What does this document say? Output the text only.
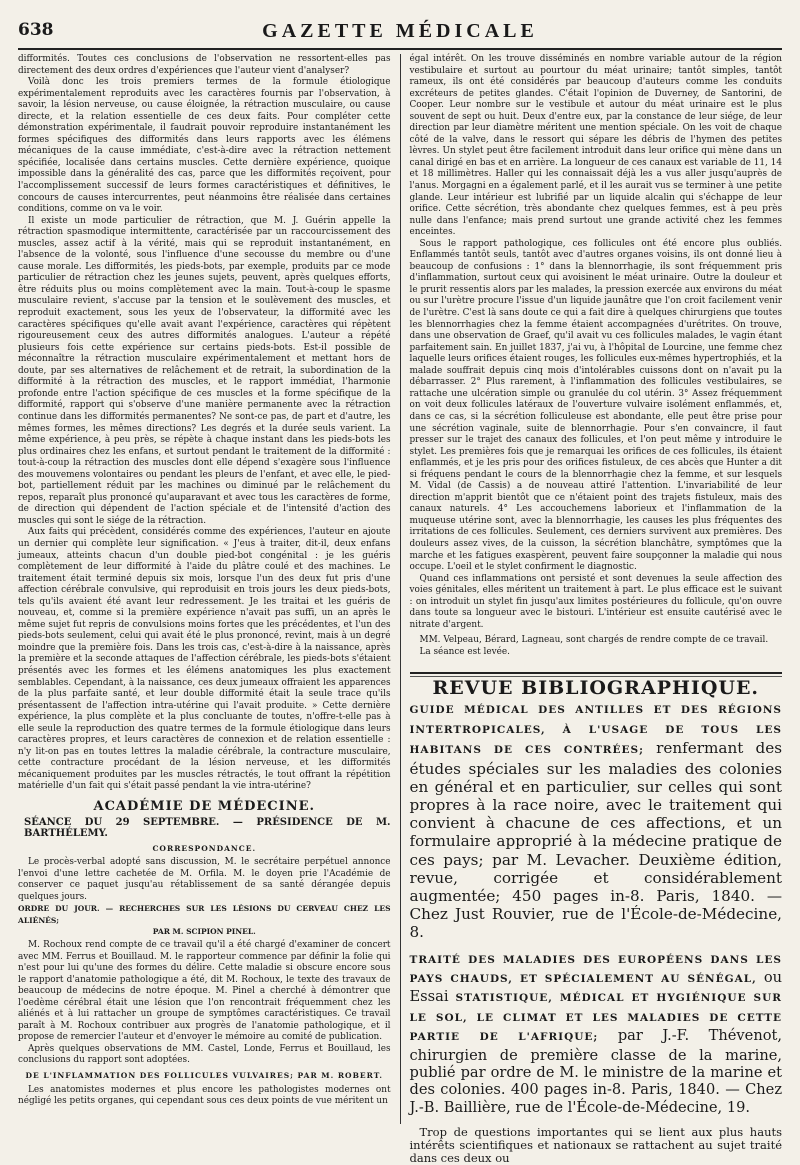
638	GAZETTE MÉDICALE

difformités. Toutes ces conclusions de l'observation ne ressortent-elles pas directement des deux ordres d'expériences que l'auteur vient d'analyser?

Voilà donc les trois premiers termes de la formule étiologique expérimentalement reproduits avec les caractères fournis par l'observation, à savoir, la lésion nerveuse, ou cause éloignée, la rétraction musculaire, ou cause directe, et la relation essentielle de ces deux faits. Pour compléter cette démonstration expérimentale, il faudrait pouvoir reproduire instantanément les formes spécifiques des difformités dans leurs rapports avec les élémens mécaniques de la cause immédiate, c'est-à-dire avec la rétraction nettement spécifiée, localisée dans certains muscles. Cette dernière expérience, quoique impossible dans la généralité des cas, parce que les difformités reçoivent, pour l'accomplissement successif de leurs formes caractéristiques et définitives, le concours de causes intercurrentes, peut néanmoins être réalisée dans certaines conditions, comme on va le voir.

Il existe un mode particulier de rétraction, que M. J. Guérin appelle la rétraction spasmodique intermittente, caractérisée par un raccourcissement des muscles, assez actif à la vérité, mais qui se reproduit instantanément, en l'absence de la volonté, sous l'influence d'une secousse du membre ou d'une cause morale. Les difformités, les pieds-bots, par exemple, produits par ce mode particulier de rétraction chez les jeunes sujets, peuvent, après quelques efforts, être réduits plus ou moins complètement avec la main. Tout-à-coup le spasme musculaire revient, s'accuse par la tension et le soulèvement des muscles, et reproduit exactement, sous les yeux de l'observateur, la difformité avec les caractères spécifiques qu'elle avait avant l'expérience, caractères qui répètent rigoureusement ceux des autres difformités analogues. L'auteur a répété plusieurs fois cette expérience sur certains pieds-bots. Est-il possible de méconnaître la rétraction musculaire expérimentalement et mettant hors de doute, par ses alternatives de relâchement et de retrait, la subordination de la difformité à la rétraction des muscles, et le rapport immédiat, l'harmonie profonde entre l'action spécifique de ces muscles et la forme spécifique de la difformité, rapport qui s'observe d'une manière permanente avec la rétraction continue dans les difformités permanentes? Ne sont-ce pas, de part et d'autre, les mêmes formes, les mêmes directions? Les degrés et la durée seuls varient. La même expérience, à peu près, se répète à chaque instant dans les pieds-bots les plus ordinaires chez les enfans, et surtout pendant le traitement de la difformité : tout-à-coup la rétraction des muscles dont elle dépend s'exagère sous l'influence des mouvemens volontaires ou pendant les pleurs de l'enfant, et avec elle, le pied-bot, partiellement réduit par les machines ou diminué par le relâchement du repos, reparaît plus prononcé qu'auparavant et avec tous les caractères de forme, de direction qui dépendent de l'action spéciale et de l'intensité d'action des muscles qui sont le siége de la rétraction.

Aux faits qui précèdent, considérés comme des expériences, l'auteur en ajoute un dernier qui complète leur signification. « J'eus à traiter, dit-il, deux enfans jumeaux, atteints chacun d'un double pied-bot congénital : je les guéris complètement de leur difformité à l'aide du plâtre coulé et des machines. Le traitement était terminé depuis six mois, lorsque l'un des deux fut pris d'une affection cérébrale convulsive, qui reproduisit en trois jours les deux pieds-bots, tels qu'ils avaient été avant leur redressement. Je les traitai et les guéris de nouveau, et, comme si la première expérience n'avait pas suffi, un an après le même sujet fut repris de convulsions moins fortes que les précédentes, et l'un des pieds-bots seulement, celui qui avait été le plus prononcé, revint, mais à un degré moindre que la première fois. Dans les trois cas, c'est-à-dire à la naissance, après la première et la seconde attaques de l'affection cérébrale, les pieds-bots s'étaient présentés avec les formes et les élémens anatomiques les plus exactement semblables. Cependant, à la naissance, ces deux jumeaux offraient les apparences de la plus parfaite santé, et leur double difformité était la seule trace qu'ils présentassent de l'affection intra-utérine qui l'avait produite. » Cette dernière expérience, la plus complète et la plus concluante de toutes, n'offre-t-elle pas à elle seule la reproduction des quatre termes de la formule étiologique dans leurs caractères propres, et leurs caractères de connexion et de relation essentielle : n'y lit-on pas en toutes lettres la maladie cérébrale, la contracture musculaire, cette contracture procédant de la lésion nerveuse, et les difformités mécaniquement produites par les muscles rétractés, le tout offrant la répétition matérielle d'un fait qui s'était passé pendant la vie intra-utérine?

ACADÉMIE DE MÉDECINE.
SÉANCE DU 29 SEPTEMBRE. — PRÉSIDENCE DE M. BARTHÉLEMY.
CORRESPONDANCE.

Le procès-verbal adopté sans discussion, M. le secrétaire perpétuel annonce l'envoi d'une lettre cachetée de M. Orfila. M. le doyen prie l'Académie de conserver ce paquet jusqu'au rétablissement de sa santé dérangée depuis quelques jours.

ORDRE DU JOUR. — RECHERCHES SUR LES LÉSIONS DU CERVEAU CHEZ LES ALIÉNÉS;

PAR M. SCIPION PINEL.

M. Rochoux rend compte de ce travail qu'il a été chargé d'examiner de concert avec MM. Ferrus et Bouillaud. M. le rapporteur commence par définir la folie qui n'est pour lui qu'une des formes du délire. Cette maladie si obscure encore sous le rapport d'anatomie pathologique a été, dit M. Rochoux, le texte des travaux de beaucoup de médecins de notre époque. M. Pinel a cherché à démontrer que l'oedème cérébral était une lésion que l'on rencontrait fréquemment chez les aliénés et à lui rattacher un groupe de symptômes caractéristiques. Ce travail paraît à M. Rochoux contribuer aux progrès de l'anatomie pathologique, et il propose de remercier l'auteur et d'envoyer le mémoire au comité de publication.

Après quelques observations de MM. Castel, Londe, Ferrus et Bouillaud, les conclusions du rapport sont adoptées.

DE L'INFLAMMATION DES FOLLICULES VULVAIRES; PAR M. ROBERT.

Les anatomistes modernes et plus encore les pathologistes modernes ont négligé les petits organes, qui cependant sous ces deux points de vue méritent un

égal intérêt. On les trouve disséminés en nombre variable autour de la région vestibulaire et surtout au pourtour du méat urinaire; tantôt simples, tantôt rameux, ils ont été considérés par beaucoup d'auteurs comme les conduits excréteurs de petites glandes. C'était l'opinion de Duverney, de Santorini, de Cooper. Leur nombre sur le vestibule et autour du méat urinaire est le plus souvent de sept ou huit. Deux d'entre eux, par la constance de leur siége, de leur direction par leur diamètre méritent une mention spéciale. On les voit de chaque côté de la valve, dans le ressort qui sépare les débris de l'hymen des petites lèvres. Un stylet peut être facilement introduit dans leur orifice qui mène dans un canal dirigé en bas et en arrière. La longueur de ces canaux est variable de 11, 14 et 18 millimètres. Haller qui les connaissait déjà les a vus aller jusqu'auprès de l'anus. Morgagni en a également parlé, et il les aurait vus se terminer à une petite glande. Leur intérieur est lubrifié par un liquide alcalin qui s'échappe de leur orifice. Cette sécrétion, très abondante chez quelques femmes, est à peu près nulle dans l'enfance; mais prend surtout une grande activité chez les femmes enceintes.

Sous le rapport pathologique, ces follicules ont été encore plus oubliés. Enflammés tantôt seuls, tantôt avec d'autres organes voisins, ils ont donné lieu à beaucoup de confusions : 1° dans la blennorrhagie, ils sont fréquemment pris d'inflammation, surtout ceux qui avoisinent le méat urinaire. Outre la douleur et le prurit ressentis alors par les malades, la pression exercée aux environs du méat ou sur l'urètre procure l'issue d'un liquide jaunâtre que l'on croit facilement venir de l'urètre. C'est là sans doute ce qui a fait dire à quelques chirurgiens que toutes les blennorrhagies chez la femme étaient accompagnées d'urétrites. On trouve, dans une observation de Graef, qu'il avait vu ces follicules malades, le vagin étant parfaitement sain. En juillet 1837, j'ai vu, à l'hôpital de Lourcine, une femme chez laquelle leurs orifices étaient rouges, les follicules eux-mêmes hypertrophiés, et la malade souffrait depuis cinq mois d'intolérables cuissons dont on n'avait pu la débarrasser. 2° Plus rarement, à l'inflammation des follicules vestibulaires, se rattache une ulcération simple ou granulée du col utérin. 3° Assez fréquemment on voit deux follicules latéraux de l'ouverture vulvaire isolément enflammés, et, dans ce cas, si la sécrétion folliculeuse est abondante, elle peut être prise pour une sécrétion vaginale, suite de blennorrhagie. Pour s'en convaincre, il faut presser sur le trajet des canaux des follicules, et l'on peut même y introduire le stylet. Les premières fois que je remarquai les orifices de ces follicules, ils étaient enflammés, et je les pris pour des orifices fistuleux, de ces abcès que Hunter a dit si fréquens pendant le cours de la blennorrhagie chez la femme, et sur lesquels M. Vidal (de Cassis) a de nouveau attiré l'attention. L'invariabilité de leur direction m'apprit bientôt que ce n'étaient point des trajets fistuleux, mais des canaux naturels. 4° Les accouchemens laborieux et l'inflammation de la muqueuse utérine sont, avec la blennorrhagie, les causes les plus fréquentes des irritations de ces follicules. Seulement, ces derniers survivent aux premières. Des douleurs assez vives, de la cuisson, la sécrétion blanchâtre, symptômes que la marche et les fatigues exaspèrent, peuvent faire soupçonner la maladie qui nous occupe. L'oeil et le stylet confirment le diagnostic.

Quand ces inflammations ont persisté et sont devenues la seule affection des voies génitales, elles méritent un traitement à part. Le plus efficace est le suivant : on introduit un stylet fin jusqu'aux limites postérieures du follicule, qu'on ouvre dans toute sa longueur avec le bistouri. L'intérieur est ensuite cautérisé avec le nitrate d'argent.

MM. Velpeau, Bérard, Lagneau, sont chargés de rendre compte de ce travail.

La séance est levée.

REVUE BIBLIOGRAPHIQUE.
GUIDE MÉDICAL DES ANTILLES ET DES RÉGIONS INTERTROPICALES, À L'USAGE DE TOUS LES HABITANS DE CES CONTRÉES; renfermant des études spéciales sur les maladies des colonies en général et en particulier, sur celles qui sont propres à la race noire, avec le traitement qui convient à chacune de ces affections, et un formulaire approprié à la médecine pratique de ces pays; par M. Levacher. Deuxième édition, revue, corrigée et considérablement augmentée; 450 pages in-8. Paris, 1840. — Chez Just Rouvier, rue de l'École-de-Médecine, 8.
TRAITÉ DES MALADIES DES EUROPÉENS DANS LES PAYS CHAUDS, ET SPÉCIALEMENT AU SÉNÉGAL, ou Essai STATISTIQUE, MÉDICAL ET HYGIÉNIQUE SUR LE SOL, LE CLIMAT ET LES MALADIES DE CETTE PARTIE DE L'AFRIQUE; par J.-F. Thévenot, chirurgien de première classe de la marine, publié par ordre de M. le ministre de la marine et des colonies. 400 pages in-8. Paris, 1840. — Chez J.-B. Baillière, rue de l'École-de-Médecine, 19.

Trop de questions importantes qui se lient aux plus hauts intérêts scientifiques et nationaux se rattachent au sujet traité dans ces deux ou
